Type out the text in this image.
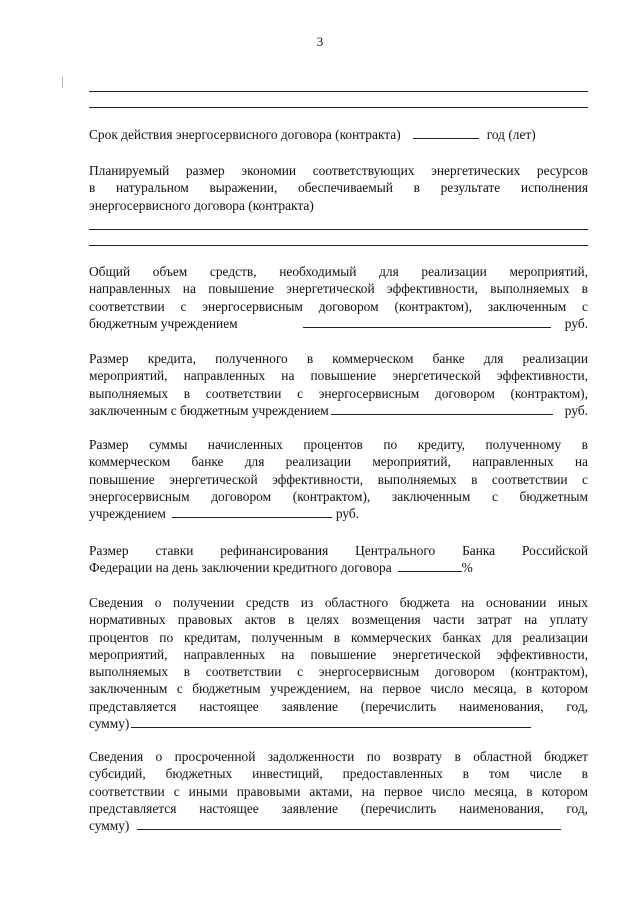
3
Срок действия энергосервисного договора (контракта)	год (лет)
Планируемый размер экономии соответствующих энергетических ресурсов
в натуральном выражении, обеспечиваемый в результате исполнения
энергосервисного договора (контракта)
Общий объем средств, необходимый для реализации мероприятий,
направленных на повышение энергетической эффективности, выполняемых в
соответствии с энергосервисным договором (контрактом), заключенным с
бюджетным учреждением	руб.
Размер кредита, полученного в коммерческом банке для реализации
мероприятий, направленных на повышение энергетической эффективности,
выполняемых в соответствии с энергосервисным договором (контрактом),
заключенным с бюджетным учреждением	руб.
Размер суммы начисленных процентов по кредиту, полученному в
коммерческом банке для реализации мероприятий, направленных на
повышение энергетической эффективности, выполняемых в соответствии с
энергосервисным договором (контрактом), заключенным с бюджетным
учреждением	руб.
Размер ставки рефинансирования Центрального Банка Российской
Федерации на день заключении кредитного договора	%
Сведения о получении средств из областного бюджета на основании иных
нормативных правовых актов в целях возмещения части затрат на уплату
процентов по кредитам, полученным в коммерческих банках для реализации
мероприятий, направленных на повышение энергетической эффективности,
выполняемых в соответствии с энергосервисным договором (контрактом),
заключенным с бюджетным учреждением, на первое число месяца, в котором
представляется настоящее заявление (перечислить наименования, год,
сумму)
Сведения о просроченной задолженности по возврату в областной бюджет
субсидий, бюджетных инвестиций, предоставленных в том числе в
соответствии с иными правовыми актами, на первое число месяца, в котором
представляется настоящее заявление (перечислить наименования, год,
сумму)
